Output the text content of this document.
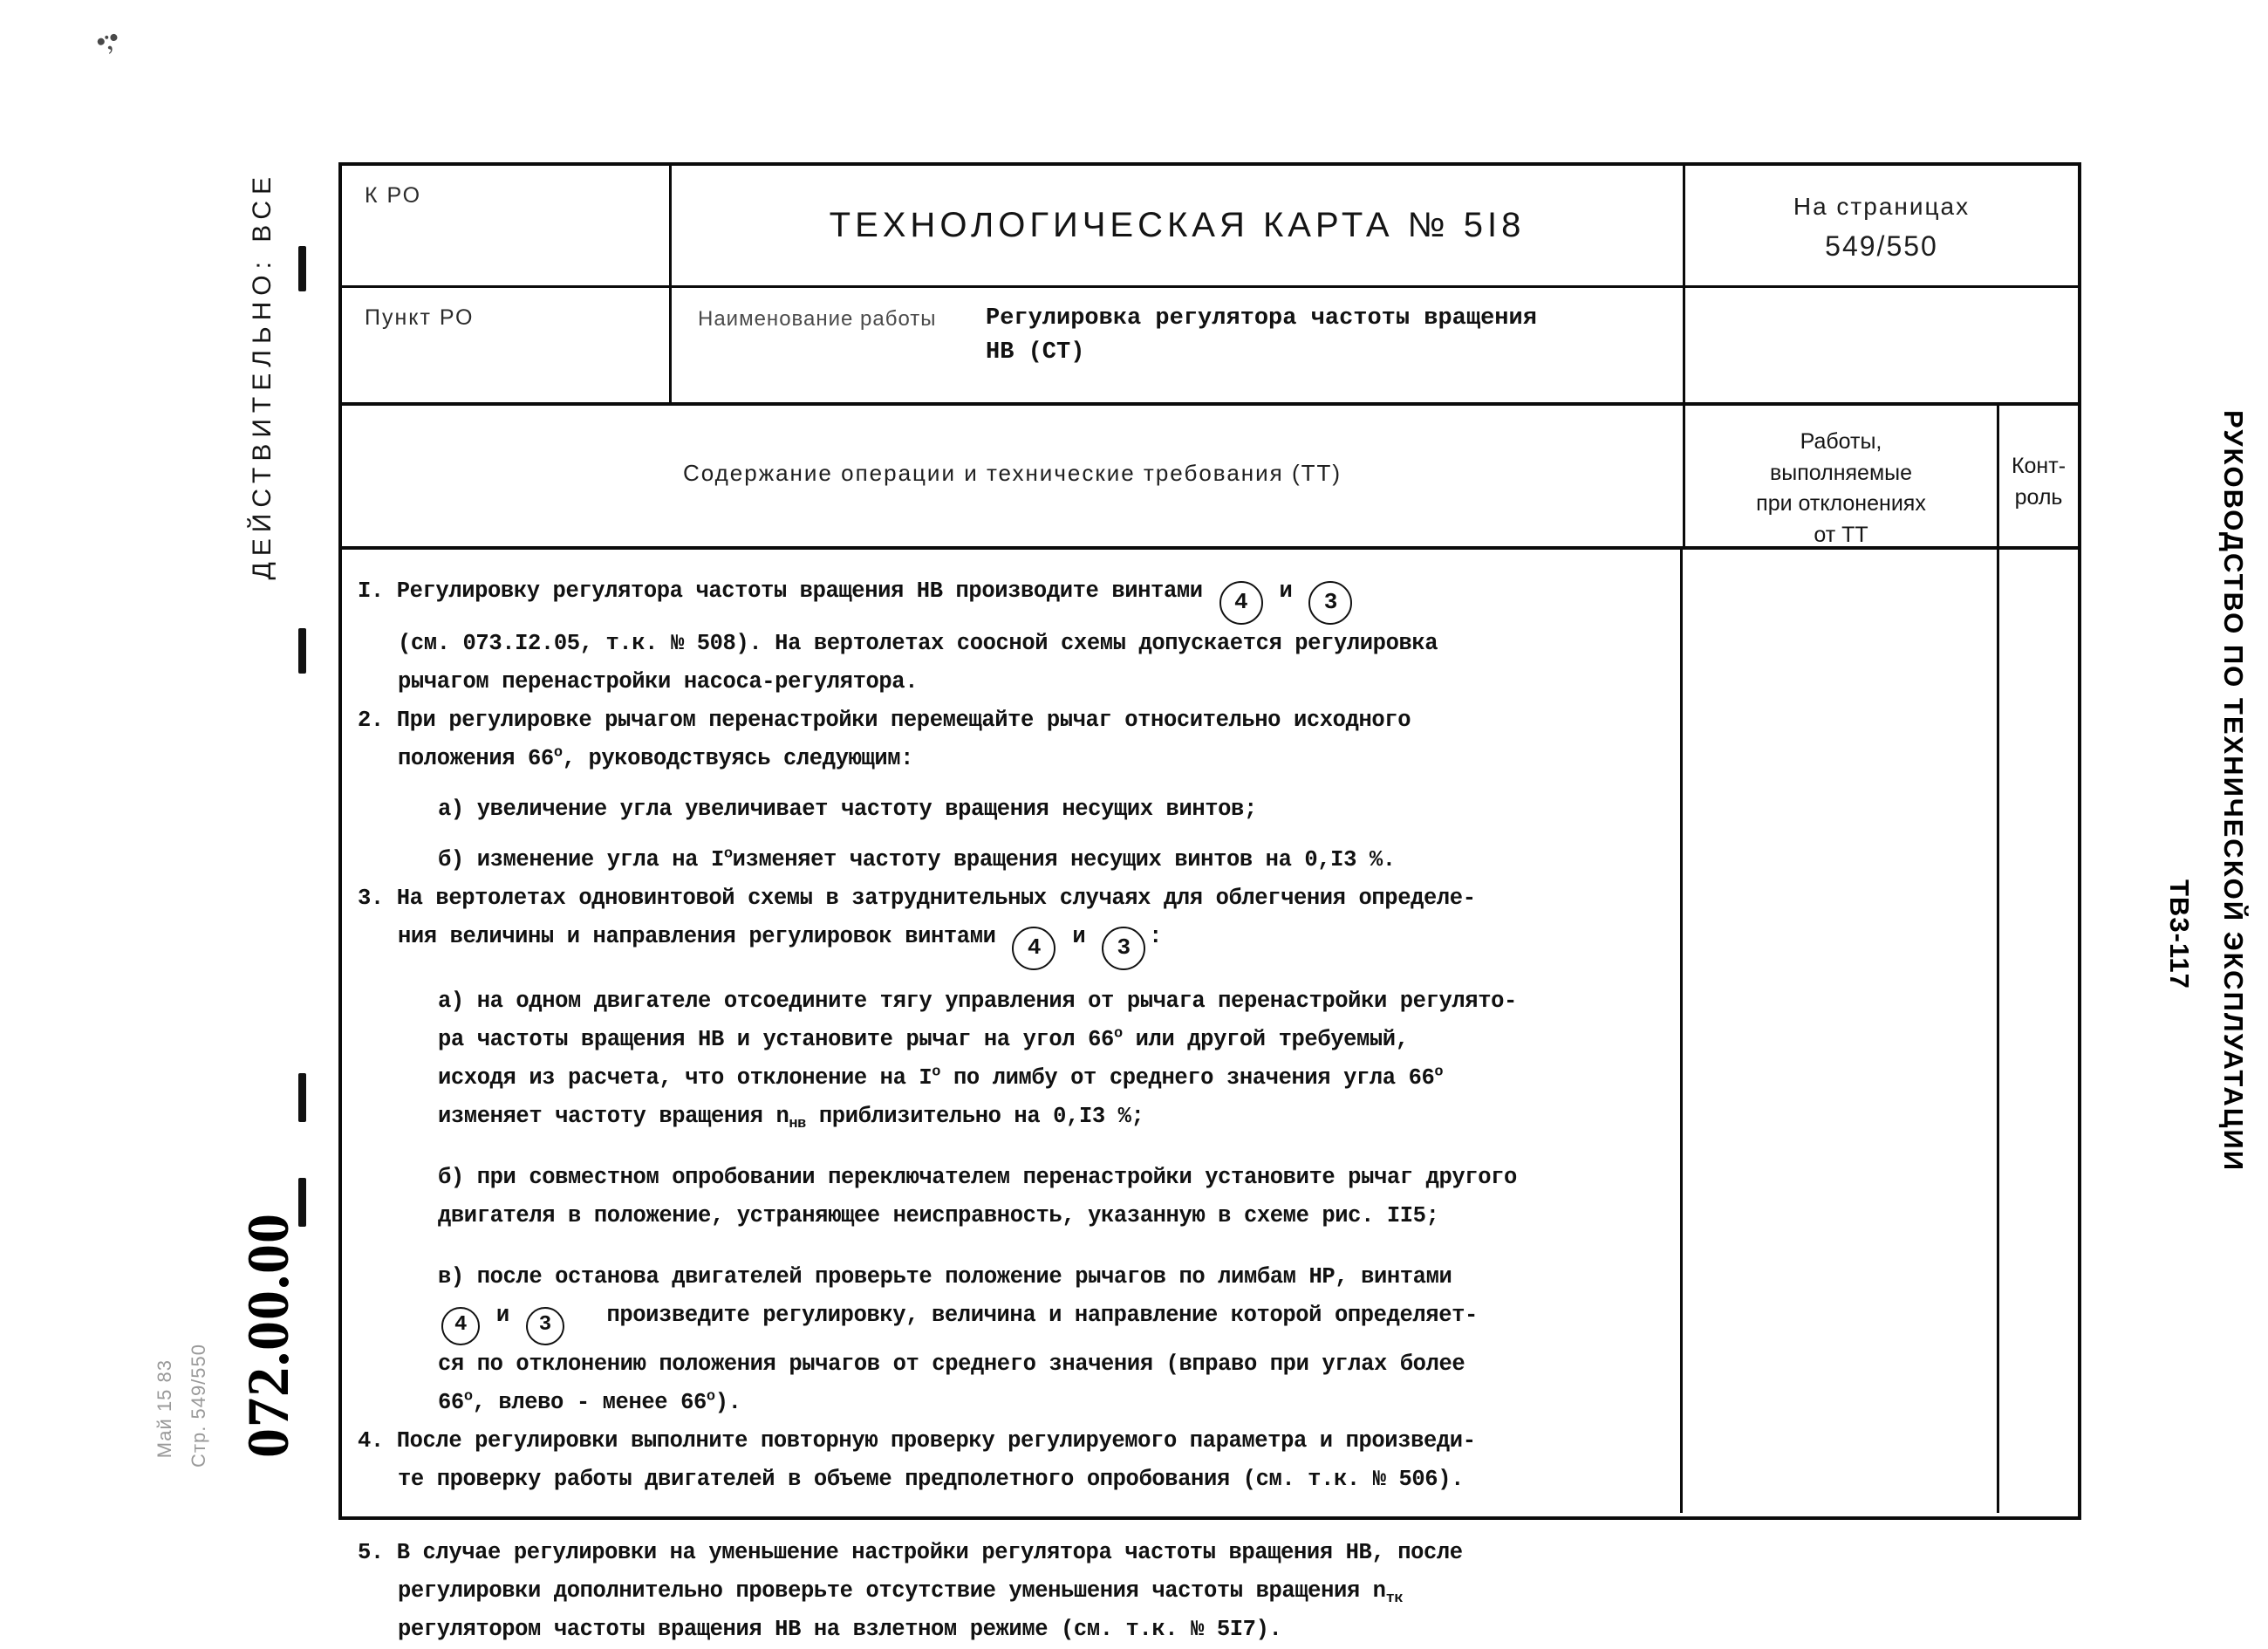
•;•
ДЕЙСТВИТЕЛЬНО: ВСЕ
072.00.00
Стр. 549/550
Май 15 83
РУКОВОДСТВО ПО ТЕХНИЧЕСКОЙ ЭКСПЛУАТАЦИИ
ТВ3-117
К РО
ТЕХНОЛОГИЧЕСКАЯ КАРТА № 5I8	На страницах
549/550
Пункт РО	Наименование работы Регулировка регулятора частоты вращения
НВ (СТ)
Содержание операции и технические требования (ТТ)
Работы,
выполняемые
при отклонениях
от ТТ
Конт-
роль
I. Регулировку регулятора частоты вращения НВ производите винтами 4 и 3
(см. 073.I2.05, т.к. № 508). На вертолетах соосной схемы допускается регулировка
рычагом перенастройки насоса-регулятора.
2. При регулировке рычагом перенастройки перемещайте рычаг относительно исходного
положения 66$^o$, руководствуясь следующим:
а) увеличение угла увеличивает частоту вращения несущих винтов;
б) изменение угла на $I^oизменяет$ частоту вращения несущих винтов на 0,I3 %.
3. На вертолетах одновинтовой схемы в затруднительных случаях для облегчения определе-
ния величины и направления регулировок винтами 4 и 3 :
а) на одном двигателе отсоедините тягу управления от рычага перенастройки регулято-
ра частоты вращения НВ и установите рычаг на угол 66$^o$ или другой требуемый,
исходя из расчета, что отклонение на $I^o$ по лимбу от среднего значения угла 66$^o$
изменяет частоту вращения $n_{нв}$ приблизительно на 0,I3 %;
б) при совместном опробовании переключателем перенастройки установите рычаг другого
двигателя в положение, устраняющее неисправность, указанную в схеме рис. II5;
в) после останова двигателей проверьте положение рычагов по лимбам НР, винтами
4 и 3 произведите регулировку, величина и направление которой определяет-
ся по отклонению положения рычагов от среднего значения (вправо при углах более
66$^o$, влево - менее 66$^o$).
4. После регулировки выполните повторную проверку регулируемого параметра и произведи-
те проверку работы двигателей в объеме предполетного опробования (см. т.к. № 506).
5. В случае регулировки на уменьшение настройки регулятора частоты вращения НВ, после
регулировки дополнительно проверьте отсутствие уменьшения частоты вращения $n_{тк}$
регулятором частоты вращения НВ на взлетном режиме (см. т.к. № 5I7).
